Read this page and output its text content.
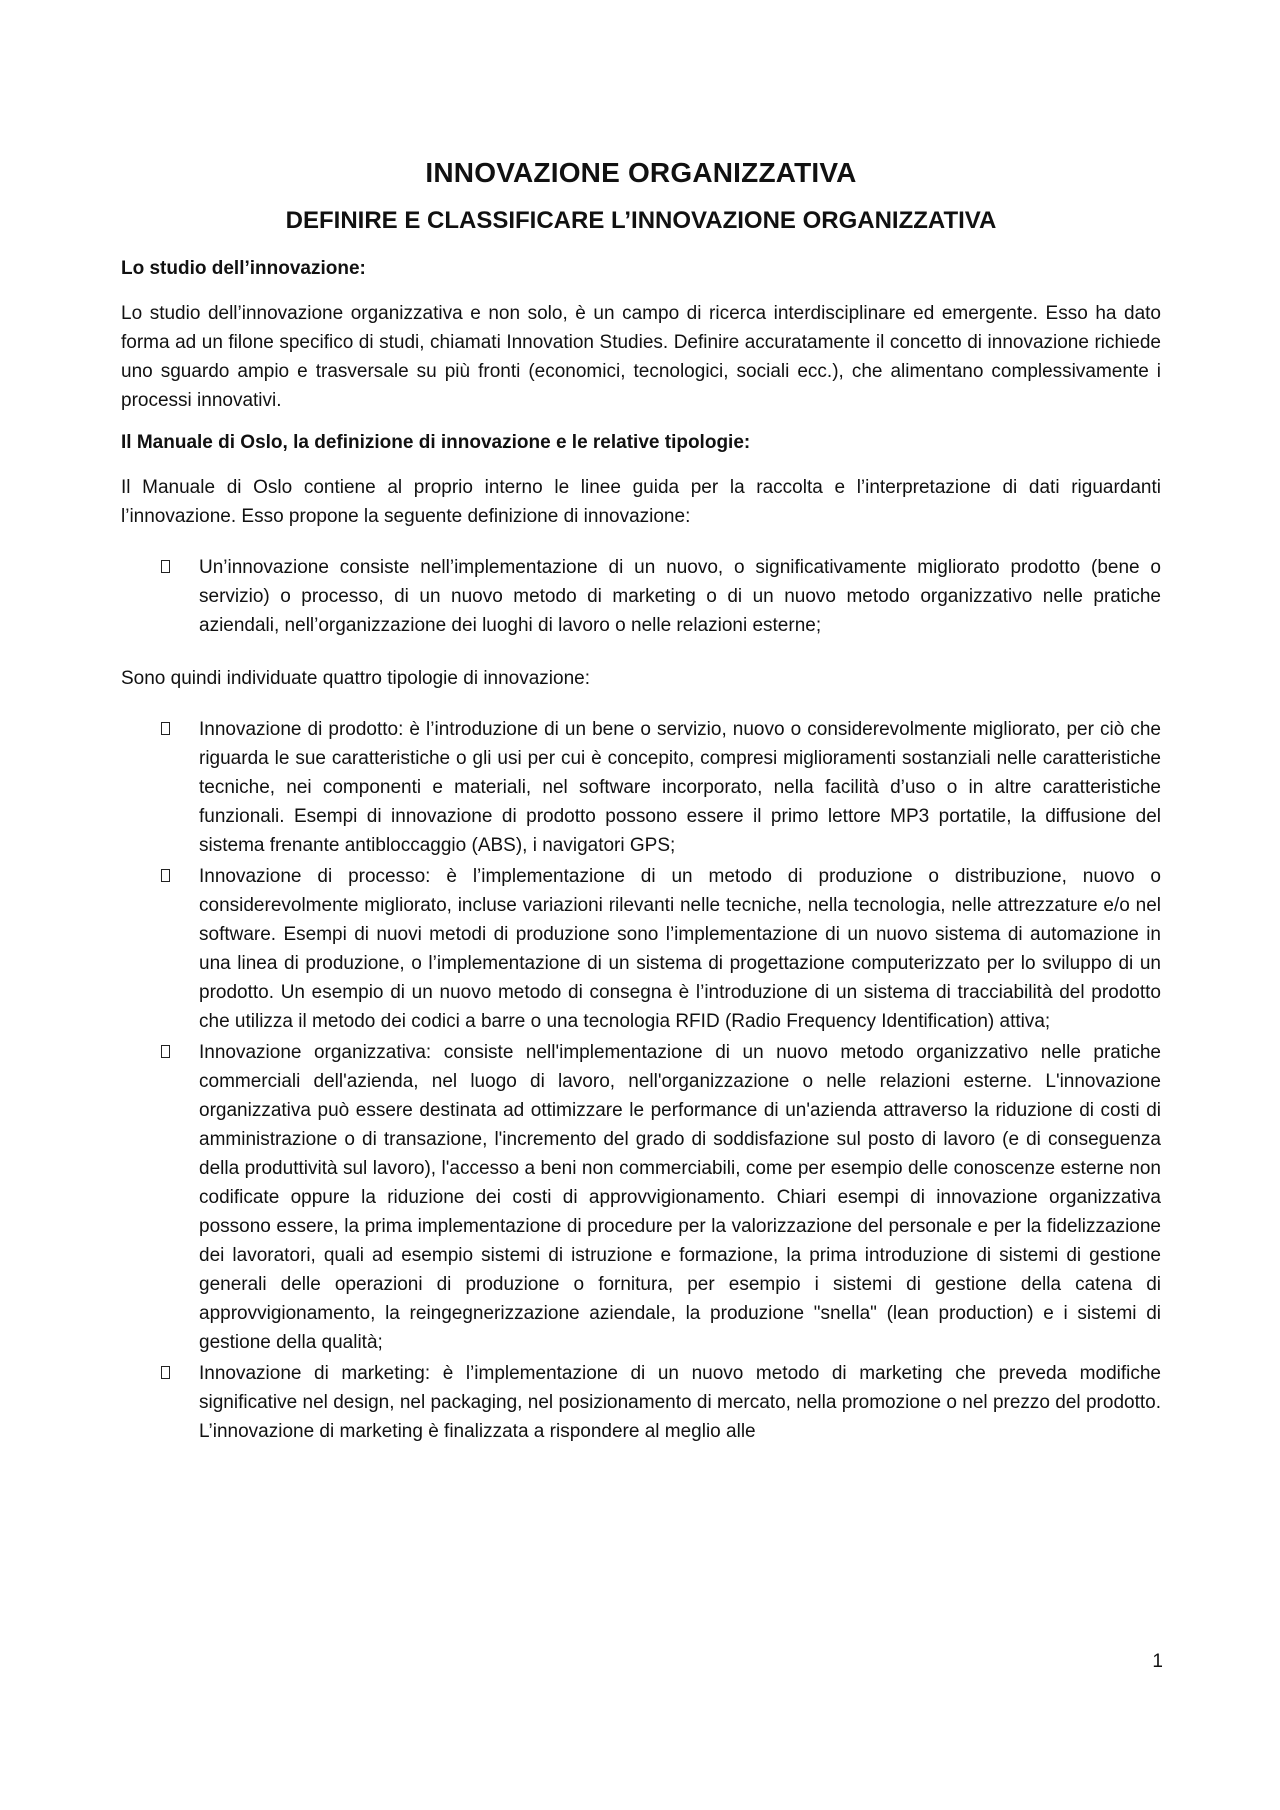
INNOVAZIONE ORGANIZZATIVA
DEFINIRE E CLASSIFICARE L’INNOVAZIONE ORGANIZZATIVA
Lo studio dell’innovazione:

Lo studio dell’innovazione organizzativa e non solo, è un campo di ricerca interdisciplinare ed emergente. Esso ha dato forma ad un filone specifico di studi, chiamati Innovation Studies. Definire accuratamente il concetto di innovazione richiede uno sguardo ampio e trasversale su più fronti (economici, tecnologici, sociali ecc.), che alimentano complessivamente i processi innovativi.

Il Manuale di Oslo, la definizione di innovazione e le relative tipologie:

Il Manuale di Oslo contiene al proprio interno le linee guida per la raccolta e l’interpretazione di dati riguardanti l’innovazione. Esso propone la seguente definizione di innovazione:

Un’innovazione consiste nell’implementazione di un nuovo, o significativamente migliorato prodotto (bene o servizio) o processo, di un nuovo metodo di marketing o di un nuovo metodo organizzativo nelle pratiche aziendali, nell’organizzazione dei luoghi di lavoro o nelle relazioni esterne;

Sono quindi individuate quattro tipologie di innovazione:

Innovazione di prodotto: è l’introduzione di un bene o servizio, nuovo o considerevolmente migliorato, per ciò che riguarda le sue caratteristiche o gli usi per cui è concepito, compresi miglioramenti sostanziali nelle caratteristiche tecniche, nei componenti e materiali, nel software incorporato, nella facilità d’uso o in altre caratteristiche funzionali. Esempi di innovazione di prodotto possono essere il primo lettore MP3 portatile, la diffusione del sistema frenante antibloccaggio (ABS), i navigatori GPS;
Innovazione di processo: è l’implementazione di un metodo di produzione o distribuzione, nuovo o considerevolmente migliorato, incluse variazioni rilevanti nelle tecniche, nella tecnologia, nelle attrezzature e/o nel software. Esempi di nuovi metodi di produzione sono l’implementazione di un nuovo sistema di automazione in una linea di produzione, o l’implementazione di un sistema di progettazione computerizzato per lo sviluppo di un prodotto. Un esempio di un nuovo metodo di consegna è l’introduzione di un sistema di tracciabilità del prodotto che utilizza il metodo dei codici a barre o una tecnologia RFID (Radio Frequency Identification) attiva;
Innovazione organizzativa: consiste nell'implementazione di un nuovo metodo organizzativo nelle pratiche commerciali dell'azienda, nel luogo di lavoro, nell'organizzazione o nelle relazioni esterne. L'innovazione organizzativa può essere destinata ad ottimizzare le performance di un'azienda attraverso la riduzione di costi di amministrazione o di transazione, l'incremento del grado di soddisfazione sul posto di lavoro (e di conseguenza della produttività sul lavoro), l'accesso a beni non commerciabili, come per esempio delle conoscenze esterne non codificate oppure la riduzione dei costi di approvvigionamento. Chiari esempi di innovazione organizzativa possono essere, la prima implementazione di procedure per la valorizzazione del personale e per la fidelizzazione dei lavoratori, quali ad esempio sistemi di istruzione e formazione, la prima introduzione di sistemi di gestione generali delle operazioni di produzione o fornitura, per esempio i sistemi di gestione della catena di approvvigionamento, la reingegnerizzazione aziendale, la produzione "snella" (lean production) e i sistemi di gestione della qualità;
Innovazione di marketing: è l’implementazione di un nuovo metodo di marketing che preveda modifiche significative nel design, nel packaging, nel posizionamento di mercato, nella promozione o nel prezzo del prodotto. L’innovazione di marketing è finalizzata a rispondere al meglio alle
1
